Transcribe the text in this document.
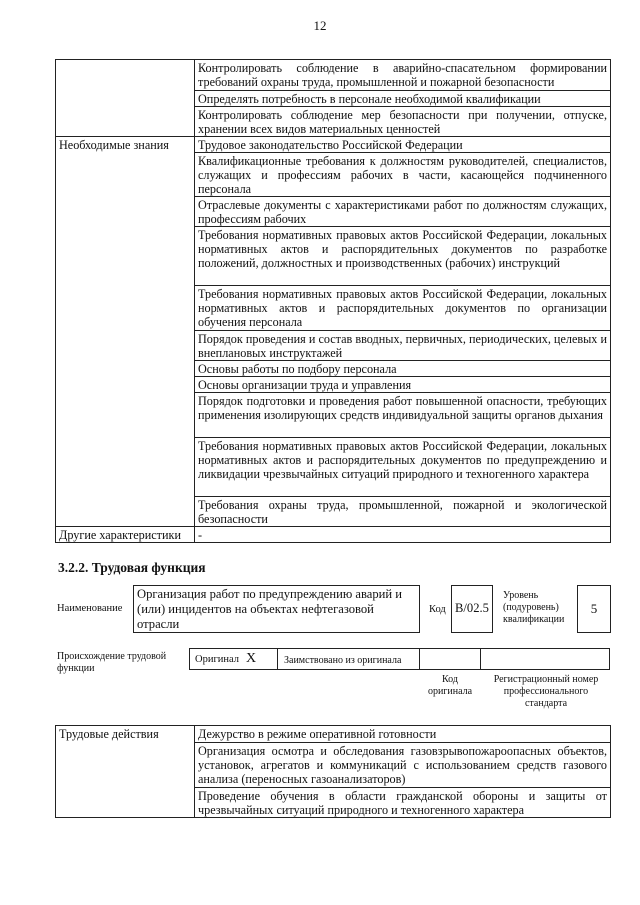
12
	Контролировать соблюдение в аварийно-спасательном формировании требований охраны труда, промышленной и пожарной безопасности
	Определять потребность в персонале необходимой квалификации
	Контролировать соблюдение мер безопасности при получении, отпуске, хранении всех видов материальных ценностей
Необходимые знания	Трудовое законодательство Российской Федерации
	Квалификационные требования к должностям руководителей, специалистов, служащих и профессиям рабочих в части, касающейся подчиненного персонала
	Отраслевые документы с характеристиками работ по должностям служащих, профессиям рабочих
	Требования нормативных правовых актов Российской Федерации, локальных нормативных актов и распорядительных документов по разработке положений, должностных и производственных (рабочих) инструкций
	Требования нормативных правовых актов Российской Федерации, локальных нормативных актов и распорядительных документов по организации обучения персонала
	Порядок проведения и состав вводных, первичных, периодических, целевых и внеплановых инструктажей
	Основы работы по подбору персонала
	Основы организации труда и управления
	Порядок подготовки и проведения работ повышенной опасности, требующих применения изолирующих средств индивидуальной защиты органов дыхания
	Требования нормативных правовых актов Российской Федерации, локальных нормативных актов и распорядительных документов по предупреждению и ликвидации чрезвычайных ситуаций природного и техногенного характера
	Требования охраны труда, промышленной, пожарной и экологической безопасности
Другие характеристики	-
3.2.2. Трудовая функция
Наименование
Организация работ по предупреждению аварий и (или) инцидентов на объектах нефтегазовой отрасли
Код B/02.5
Уровень (подуровень) квалификации
5
Происхождение трудовой функции
Оригинал X	Заимствовано из оригинала
Код оригинала
Регистрационный номер профессионального стандарта
Трудовые действия	Дежурство в режиме оперативной готовности
	Организация осмотра и обследования газовзрывопожароопасных объектов, установок, агрегатов и коммуникаций с использованием средств газового анализа (переносных газоанализаторов)
	Проведение обучения в области гражданской обороны и защиты от чрезвычайных ситуаций природного и техногенного характера
